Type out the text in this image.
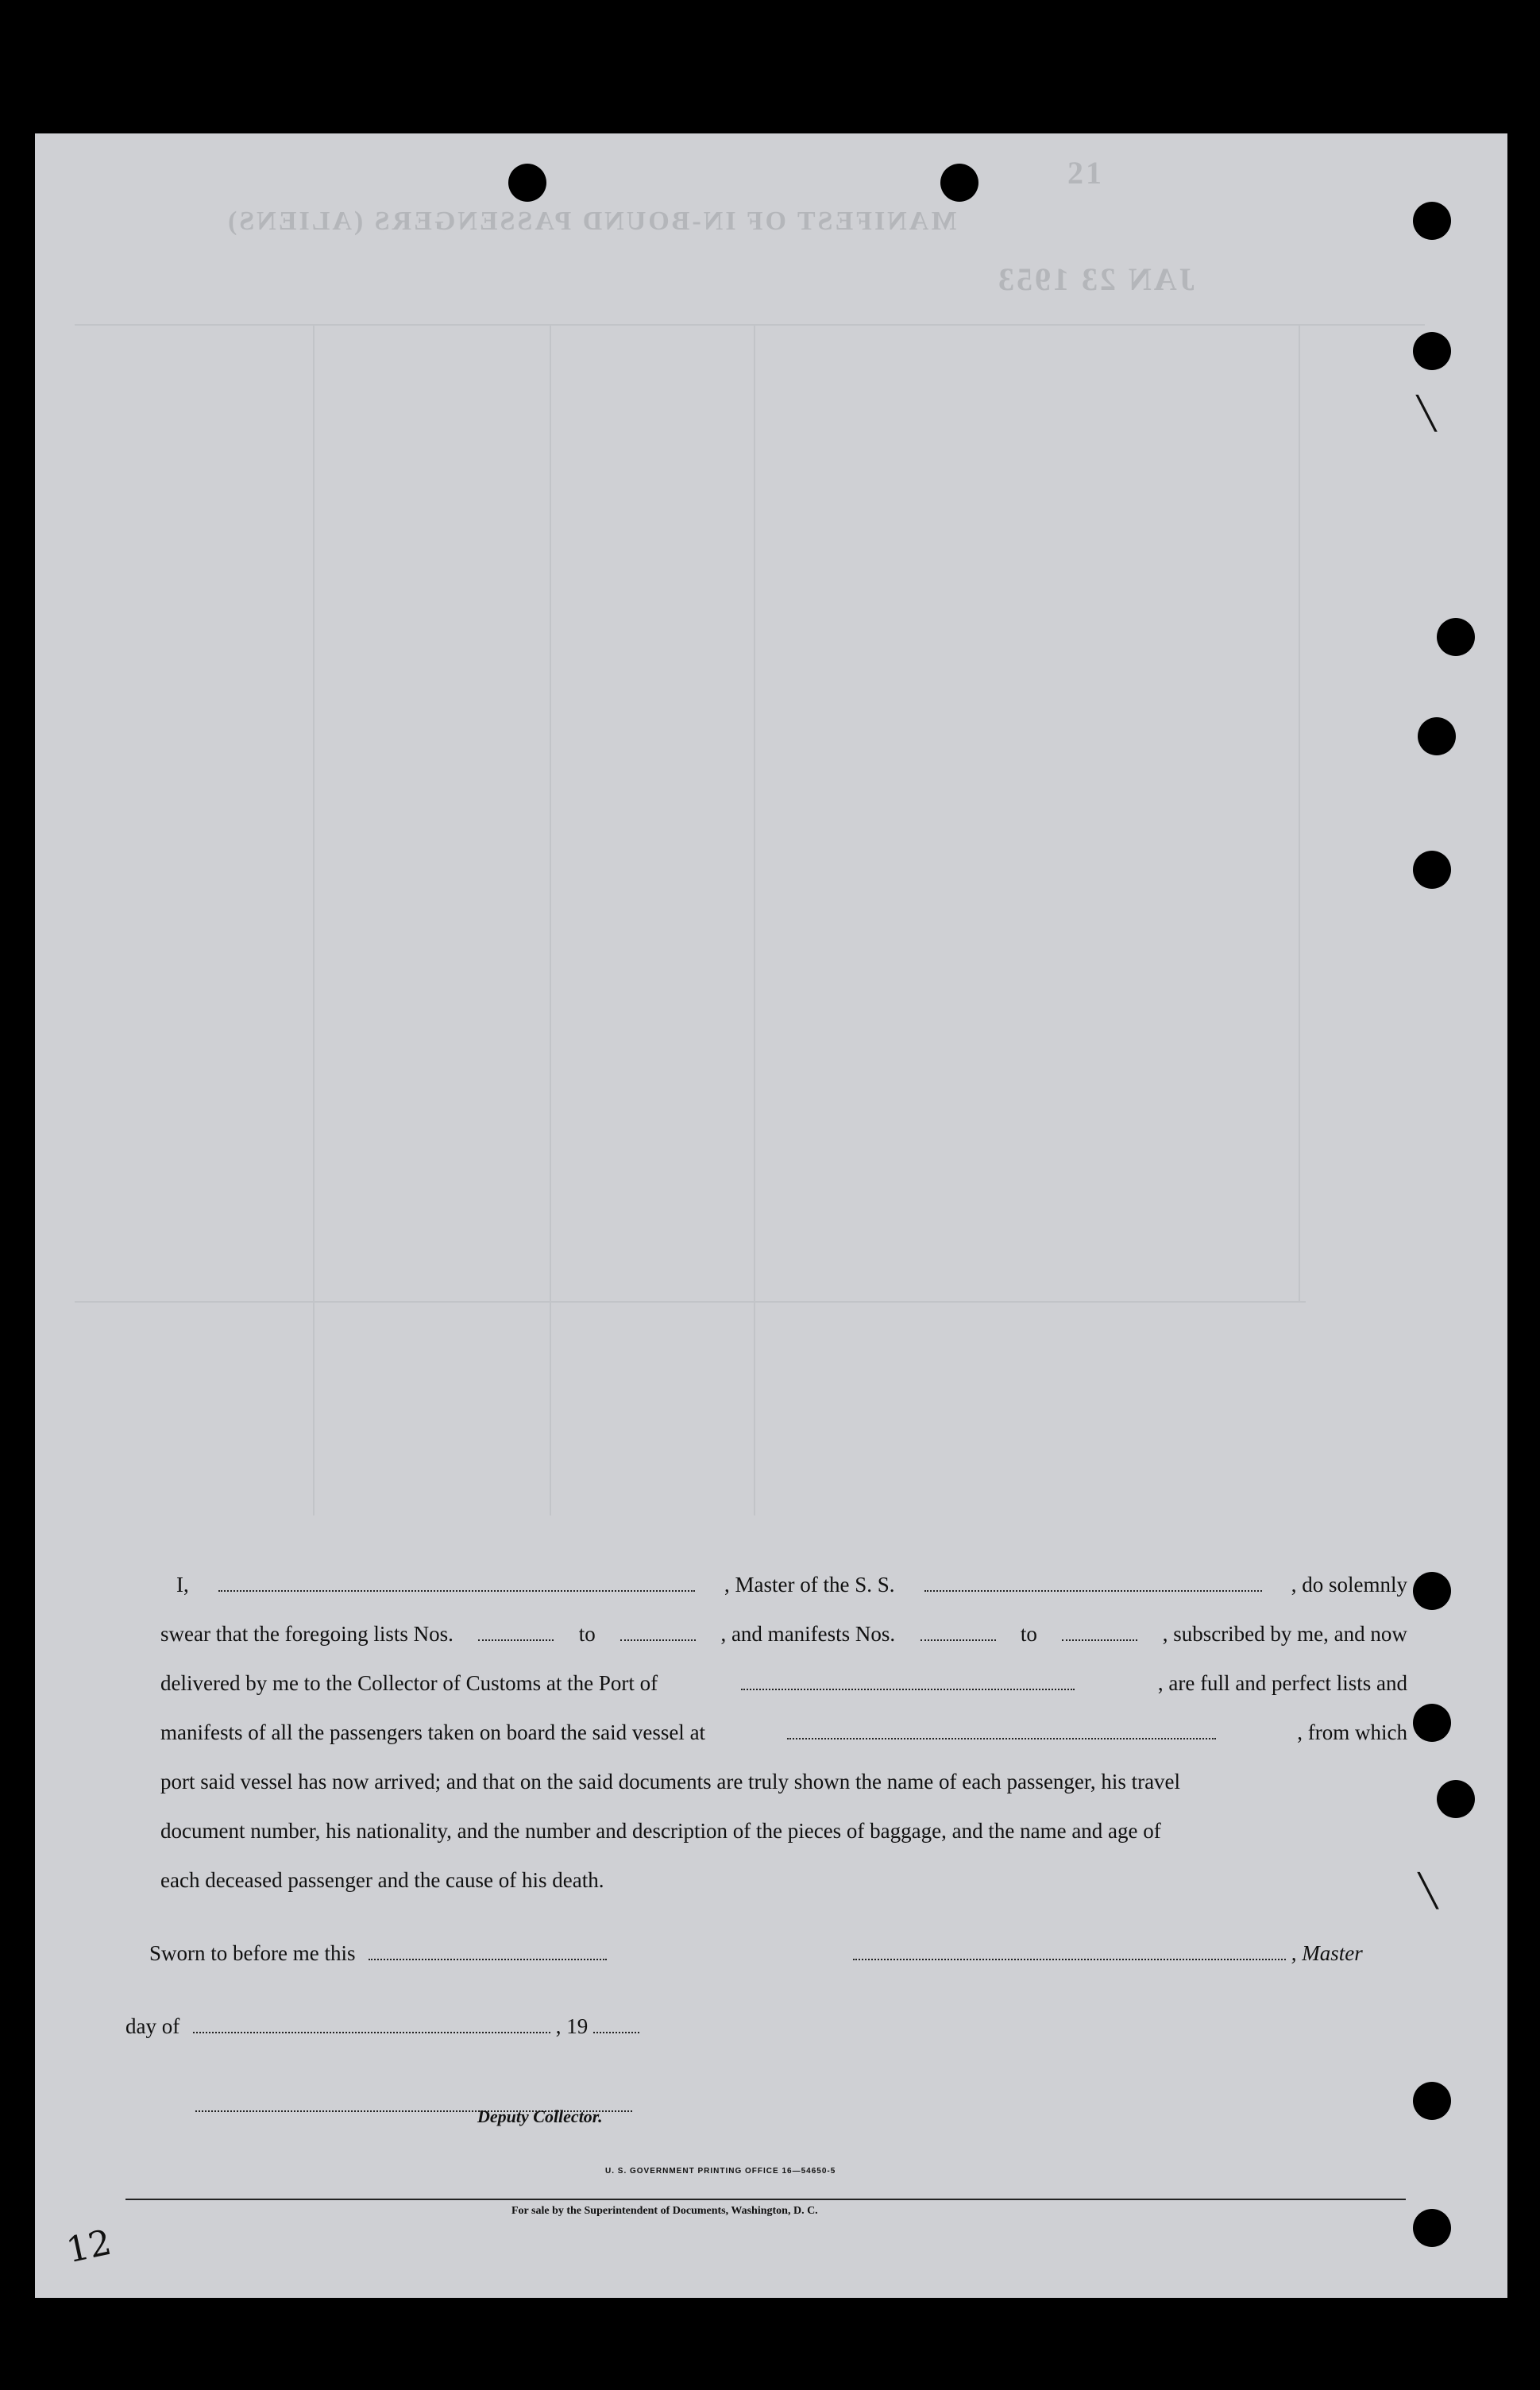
MANIFEST OF IN-BOUND PASSENGERS (ALIENS)
JAN 23 1953
21
I,	, Master of the S. S.	, do solemnly
swear that the foregoing lists Nos.	to	, and manifests Nos.	to	, subscribed by me, and now
delivered by me to the Collector of Customs at the Port of	, are full and perfect lists and
manifests of all the passengers taken on board the said vessel at	, from which
port said vessel has now arrived; and that on the said documents are truly shown the name of each passenger, his travel
document number, his nationality, and the number and description of the pieces of baggage, and the name and age of
each deceased passenger and the cause of his death.
Sworn to before me this	, Master
day of	, 19
Deputy Collector.
U. S. GOVERNMENT PRINTING OFFICE 16—54650-5
For sale by the Superintendent of Documents, Washington, D. C.
12
╲
╲
